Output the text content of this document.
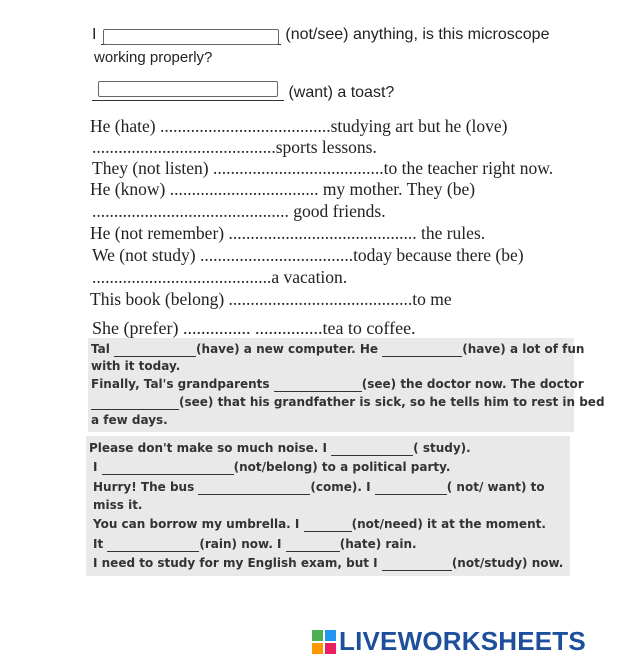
I	(not/see) anything, is this microscope
working properly?
(want) a toast?
He (hate) .......................................studying art but he (love)
..........................................sports lessons.
They (not listen) .......................................to the teacher right now.
He (know) .................................. my mother. They (be)
............................................. good friends.
He (not remember) ........................................... the rules.
We (not study) ...................................today because there (be)
.........................................a vacation.
This book (belong) ..........................................to me
She (prefer) ............... ...............tea to coffee.
Tal	(have) a new computer. He	(have) a lot of fun
with it today.
Finally, Tal's grandparents	(see) the doctor now. The doctor
(see) that his grandfather is sick, so he tells him to rest in bed
a few days.
Please don't make so much noise. I	( study).
I	(not/belong) to a political party.
Hurry! The bus	(come). I	( not/ want) to
miss it.
You can borrow my umbrella. I	(not/need) it at the moment.
It	(rain) now. I	(hate) rain.
I need to study for my English exam, but I	(not/study) now.
LIVEWORKSHEETS
